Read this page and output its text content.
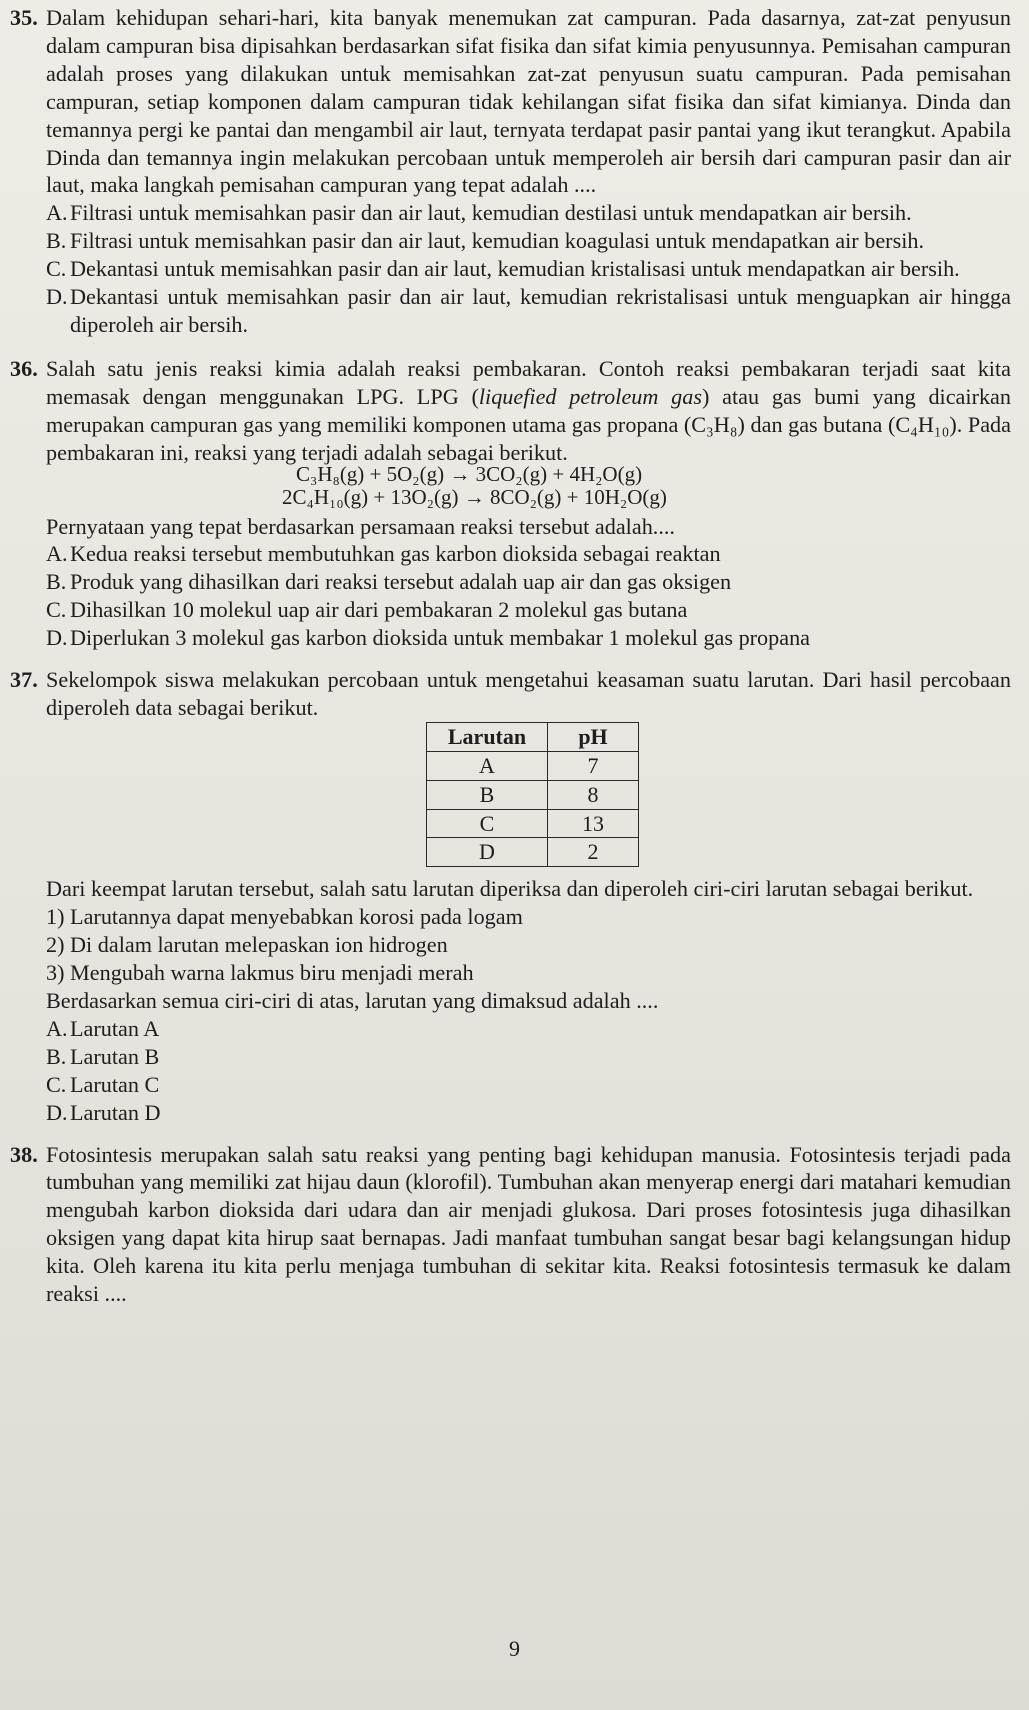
35. Dalam kehidupan sehari-hari, kita banyak menemukan zat campuran. Pada dasarnya, zat-zat penyusun dalam campuran bisa dipisahkan berdasarkan sifat fisika dan sifat kimia penyusunnya. Pemisahan campuran adalah proses yang dilakukan untuk memisahkan zat-zat penyusun suatu campuran. Pada pemisahan campuran, setiap komponen dalam campuran tidak kehilangan sifat fisika dan sifat kimianya. Dinda dan temannya pergi ke pantai dan mengambil air laut, ternyata terdapat pasir pantai yang ikut terangkut. Apabila Dinda dan temannya ingin melakukan percobaan untuk memperoleh air bersih dari campuran pasir dan air laut, maka langkah pemisahan campuran yang tepat adalah ....

A. Filtrasi untuk memisahkan pasir dan air laut, kemudian destilasi untuk mendapatkan air bersih.
B. Filtrasi untuk memisahkan pasir dan air laut, kemudian koagulasi untuk mendapatkan air bersih.
C. Dekantasi untuk memisahkan pasir dan air laut, kemudian kristalisasi untuk mendapatkan air bersih.
D. Dekantasi untuk memisahkan pasir dan air laut, kemudian rekristalisasi untuk menguapkan air hingga diperoleh air bersih.
36. Salah satu jenis reaksi kimia adalah reaksi pembakaran. Contoh reaksi pembakaran terjadi saat kita memasak dengan menggunakan LPG. LPG (liquefied petroleum gas) atau gas bumi yang dicairkan merupakan campuran gas yang memiliki komponen utama gas propana (C₃H₈) dan gas butana (C₄H₁₀). Pada pembakaran ini, reaksi yang terjadi adalah sebagai berikut.

C₃H₈(g) + 5O₂(g) → 3CO₂(g) + 4H₂O(g)
2C₄H₁₀(g) + 13O₂(g) → 8CO₂(g) + 10H₂O(g)

Pernyataan yang tepat berdasarkan persamaan reaksi tersebut adalah....

A. Kedua reaksi tersebut membutuhkan gas karbon dioksida sebagai reaktan
B. Produk yang dihasilkan dari reaksi tersebut adalah uap air dan gas oksigen
C. Dihasilkan 10 molekul uap air dari pembakaran 2 molekul gas butana
D. Diperlukan 3 molekul gas karbon dioksida untuk membakar 1 molekul gas propana
37. Sekelompok siswa melakukan percobaan untuk mengetahui keasaman suatu larutan. Dari hasil percobaan diperoleh data sebagai berikut.

Larutan	pH
A	7
B	8
C	13
D	2

Dari keempat larutan tersebut, salah satu larutan diperiksa dan diperoleh ciri-ciri larutan sebagai berikut.

1) Larutannya dapat menyebabkan korosi pada logam
2) Di dalam larutan melepaskan ion hidrogen
3) Mengubah warna lakmus biru menjadi merah

Berdasarkan semua ciri-ciri di atas, larutan yang dimaksud adalah ....

A. Larutan A
B. Larutan B
C. Larutan C
D. Larutan D
38. Fotosintesis merupakan salah satu reaksi yang penting bagi kehidupan manusia. Fotosintesis terjadi pada tumbuhan yang memiliki zat hijau daun (klorofil). Tumbuhan akan menyerap energi dari matahari kemudian mengubah karbon dioksida dari udara dan air menjadi glukosa. Dari proses fotosintesis juga dihasilkan oksigen yang dapat kita hirup saat bernapas. Jadi manfaat tumbuhan sangat besar bagi kelangsungan hidup kita. Oleh karena itu kita perlu menjaga tumbuhan di sekitar kita. Reaksi fotosintesis termasuk ke dalam reaksi ....

9
